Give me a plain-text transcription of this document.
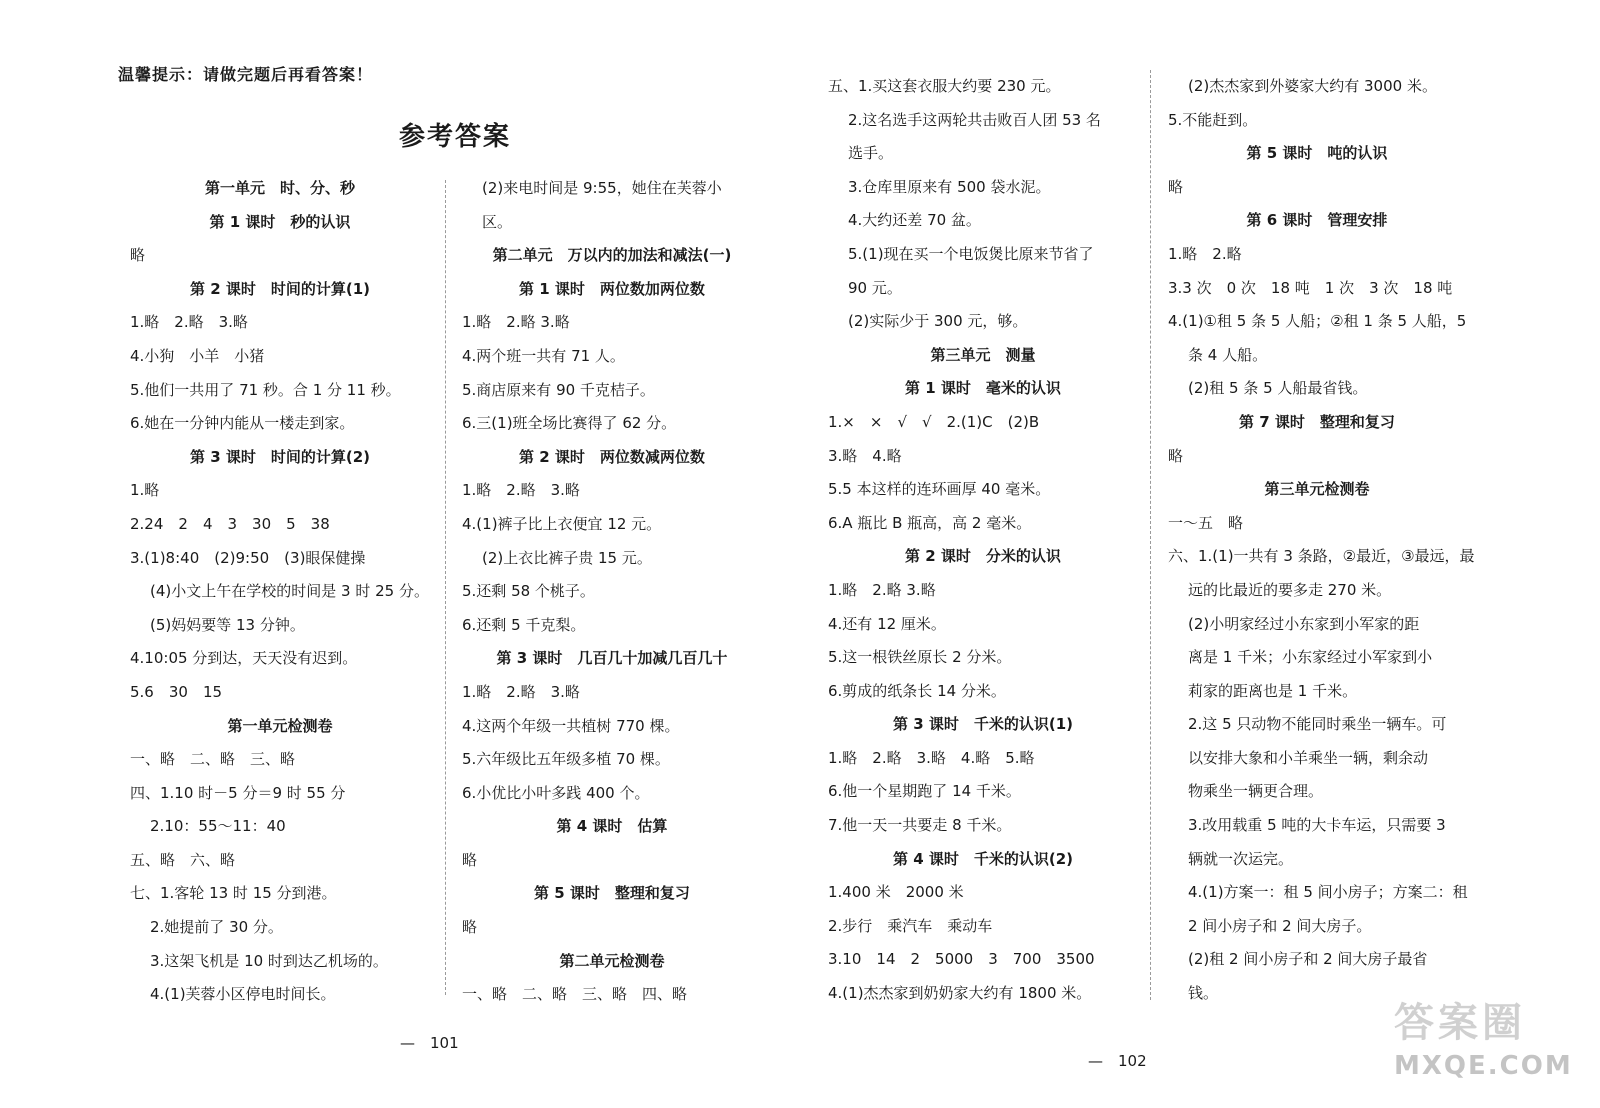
温馨提示：请做完题后再看答案！
参考答案
第一单元　时、分、秒
第 1 课时　秒的认识
略
第 2 课时　时间的计算(1)
1.略　2.略　3.略
4.小狗　小羊　小猪
5.他们一共用了 71 秒。合 1 分 11 秒。
6.她在一分钟内能从一楼走到家。
第 3 课时　时间的计算(2)
1.略
2.24　2　4　3　30　5　38
3.(1)8:40　(2)9:50　(3)眼保健操
(4)小文上午在学校的时间是 3 时 25 分。
(5)妈妈要等 13 分钟。
4.10:05 分到达，天天没有迟到。
5.6　30　15
第一单元检测卷
一、略　二、略　三、略
四、1.10 时－5 分＝9 时 55 分
2.10：55～11：40
五、略　六、略
七、1.客轮 13 时 15 分到港。
2.她提前了 30 分。
3.这架飞机是 10 时到达乙机场的。
4.(1)芙蓉小区停电时间长。
(2)来电时间是 9:55，她住在芙蓉小
区。
第二单元　万以内的加法和减法(一)
第 1 课时　两位数加两位数
1.略　2.略 3.略
4.两个班一共有 71 人。
5.商店原来有 90 千克桔子。
6.三(1)班全场比赛得了 62 分。
第 2 课时　两位数减两位数
1.略　2.略　3.略
4.(1)裤子比上衣便宜 12 元。
(2)上衣比裤子贵 15 元。
5.还剩 58 个桃子。
6.还剩 5 千克梨。
第 3 课时　几百几十加减几百几十
1.略　2.略　3.略
4.这两个年级一共植树 770 棵。
5.六年级比五年级多植 70 棵。
6.小优比小叶多践 400 个。
第 4 课时　估算
略
第 5 课时　整理和复习
略
第二单元检测卷
一、略　二、略　三、略　四、略
五、1.买这套衣服大约要 230 元。
2.这名选手这两轮共击败百人团 53 名
选手。
3.仓库里原来有 500 袋水泥。
4.大约还差 70 盆。
5.(1)现在买一个电饭煲比原来节省了
90 元。
(2)实际少于 300 元，够。
第三单元　测量
第 1 课时　毫米的认识
1.×　×　√　√　2.(1)C　(2)B
3.略　4.略
5.5 本这样的连环画厚 40 毫米。
6.A 瓶比 B 瓶高，高 2 毫米。
第 2 课时　分米的认识
1.略　2.略 3.略
4.还有 12 厘米。
5.这一根铁丝原长 2 分米。
6.剪成的纸条长 14 分米。
第 3 课时　千米的认识(1)
1.略　2.略　3.略　4.略　5.略
6.他一个星期跑了 14 千米。
7.他一天一共要走 8 千米。
第 4 课时　千米的认识(2)
1.400 米　2000 米
2.步行　乘汽车　乘动车
3.10　14　2　5000　3　700　3500
4.(1)杰杰家到奶奶家大约有 1800 米。
(2)杰杰家到外婆家大约有 3000 米。
5.不能赶到。
第 5 课时　吨的认识
略
第 6 课时　管理安排
1.略　2.略
3.3 次　0 次　18 吨　1 次　3 次　18 吨
4.(1)①租 5 条 5 人船；②租 1 条 5 人船，5
条 4 人船。
(2)租 5 条 5 人船最省钱。
第 7 课时　整理和复习
略
第三单元检测卷
一～五　略
六、1.(1)一共有 3 条路，②最近，③最远，最
远的比最近的要多走 270 米。
(2)小明家经过小东家到小军家的距
离是 1 千米；小东家经过小军家到小
莉家的距离也是 1 千米。
2.这 5 只动物不能同时乘坐一辆车。可
以安排大象和小羊乘坐一辆，剩余动
物乘坐一辆更合理。
3.改用载重 5 吨的大卡车运，只需要 3
辆就一次运完。
4.(1)方案一：租 5 间小房子；方案二：租
2 间小房子和 2 间大房子。
(2)租 2 间小房子和 2 间大房子最省
钱。
—　101
—　102
答案圈
MXQE.COM
